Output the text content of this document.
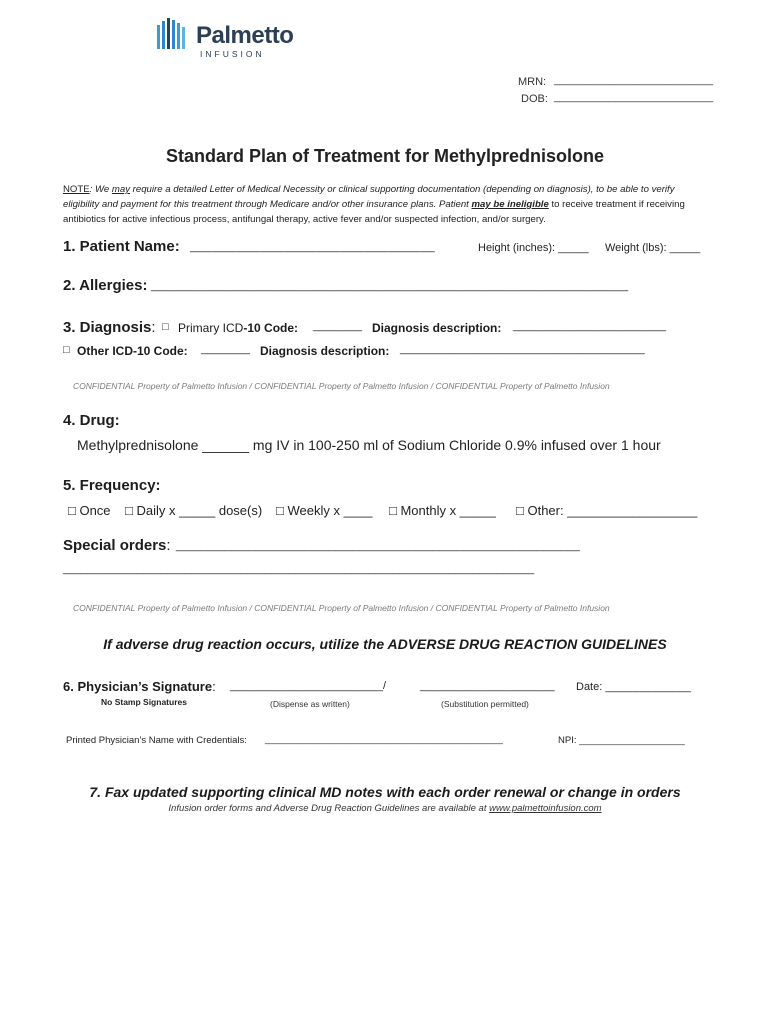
Palmetto
INFUSION
MRN: __________________________
DOB: __________________________
Standard Plan of Treatment for Methylprednisolone
NOTE: We may require a detailed Letter of Medical Necessity or clinical supporting documentation (depending on diagnosis), to be able to verify eligibility and payment for this treatment through Medicare and/or other insurance plans. Patient may be ineligible to receive treatment if receiving antibiotics for active infectious process, antifungal therapy, active fever and/or suspected infection, and/or surgery.
1. Patient Name: ________________________________________	Height (inches): _____ Weight (lbs): _____
2. Allergies: ______________________________________________________________________________
3. Diagnosis: □ Primary ICD-10 Code: ________ Diagnosis description: _________________________
□ Other ICD-10 Code: ________ Diagnosis description: ________________________________________
CONFIDENTIAL Property of Palmetto Infusion / CONFIDENTIAL Property of Palmetto Infusion / CONFIDENTIAL Property of Palmetto Infusion
4. Drug:
Methylprednisolone ______ mg IV in 100-250 ml of Sodium Chloride 0.9% infused over 1 hour
5. Frequency:
□ Once □ Daily x _____ dose(s) □ Weekly x ____ □ Monthly x _____ □ Other: __________________
Special orders: __________________________________________________________________
_____________________________________________________________________________
CONFIDENTIAL Property of Palmetto Infusion / CONFIDENTIAL Property of Palmetto Infusion / CONFIDENTIAL Property of Palmetto Infusion
If adverse drug reaction occurs, utilize the ADVERSE DRUG REACTION GUIDELINES
6. Physician’s Signature: _________________________/	______________________ Date: ______________
No Stamp Signatures	(Dispense as written)	(Substitution permitted)
Printed Physician’s Name with Credentials: _____________________________________________	NPI: ____________________
7. Fax updated supporting clinical MD notes with each order renewal or change in orders
Infusion order forms and Adverse Drug Reaction Guidelines are available at www.palmettoinfusion.com
